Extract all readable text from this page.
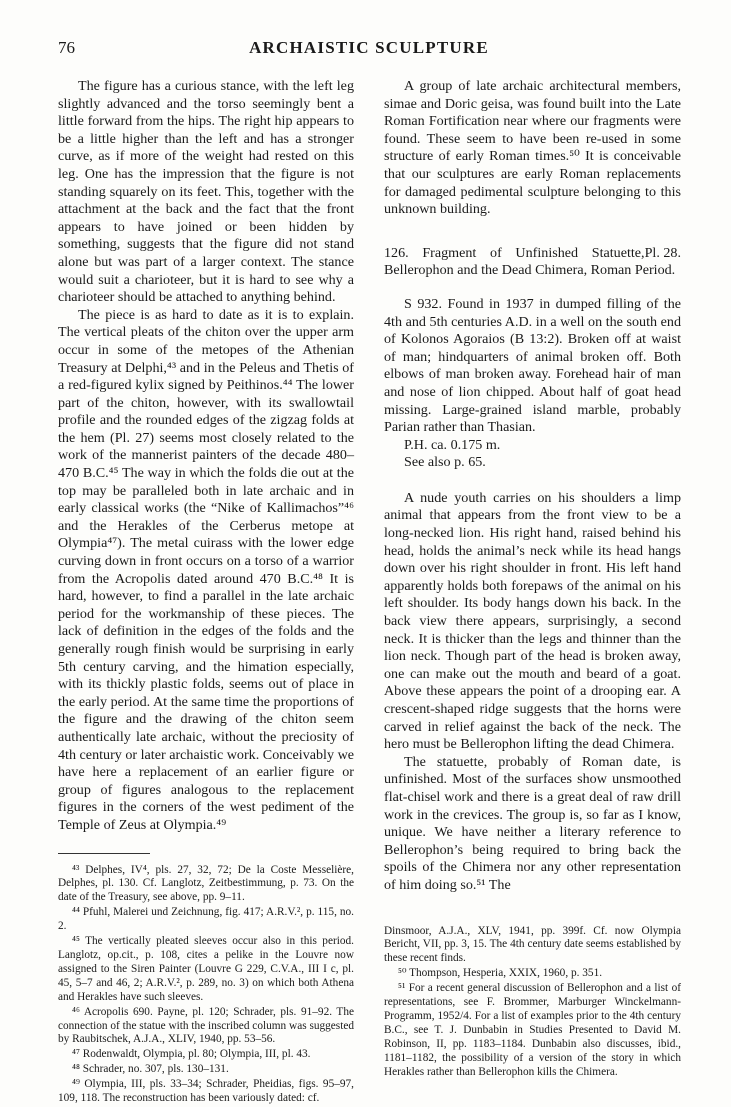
76	ARCHAISTIC SCULPTURE

The figure has a curious stance, with the left leg slightly advanced and the torso seemingly bent a little forward from the hips. The right hip appears to be a little higher than the left and has a stronger curve, as if more of the weight had rested on this leg. One has the impression that the figure is not standing squarely on its feet. This, together with the attachment at the back and the fact that the front appears to have joined or been hidden by something, suggests that the figure did not stand alone but was part of a larger context. The stance would suit a charioteer, but it is hard to see why a charioteer should be attached to anything behind.

The piece is as hard to date as it is to explain. The vertical pleats of the chiton over the upper arm occur in some of the metopes of the Athenian Treasury at Delphi,⁴³ and in the Peleus and Thetis of a red-figured kylix signed by Peithinos.⁴⁴ The lower part of the chiton, however, with its swallowtail profile and the rounded edges of the zigzag folds at the hem (Pl. 27) seems most closely related to the work of the mannerist painters of the decade 480–470 B.C.⁴⁵ The way in which the folds die out at the top may be paralleled both in late archaic and in early classical works (the “Nike of Kallimachos”⁴⁶ and the Herakles of the Cerberus metope at Olympia⁴⁷). The metal cuirass with the lower edge curving down in front occurs on a torso of a warrior from the Acropolis dated around 470 B.C.⁴⁸ It is hard, however, to find a parallel in the late archaic period for the workmanship of these pieces. The lack of definition in the edges of the folds and the generally rough finish would be surprising in early 5th century carving, and the himation especially, with its thickly plastic folds, seems out of place in the early period. At the same time the proportions of the figure and the drawing of the chiton seem authentically late archaic, without the preciosity of 4th century or later archaistic work. Conceivably we have here a replacement of an earlier figure or group of figures analogous to the replacement figures in the corners of the west pediment of the Temple of Zeus at Olympia.⁴⁹

⁴³ Delphes, IV⁴, pls. 27, 32, 72; De la Coste Messelière, Delphes, pl. 130. Cf. Langlotz, Zeitbestimmung, p. 73. On the date of the Treasury, see above, pp. 9–11.
⁴⁴ Pfuhl, Malerei und Zeichnung, fig. 417; A.R.V.², p. 115, no. 2.
⁴⁵ The vertically pleated sleeves occur also in this period. Langlotz, op.cit., p. 108, cites a pelike in the Louvre now assigned to the Siren Painter (Louvre G 229, C.V.A., III I c, pl. 45, 5–7 and 46, 2; A.R.V.², p. 289, no. 3) on which both Athena and Herakles have such sleeves.
⁴⁶ Acropolis 690. Payne, pl. 120; Schrader, pls. 91–92. The connection of the statue with the inscribed column was suggested by Raubitschek, A.J.A., XLIV, 1940, pp. 53–56.
⁴⁷ Rodenwaldt, Olympia, pl. 80; Olympia, III, pl. 43.
⁴⁸ Schrader, no. 307, pls. 130–131.
⁴⁹ Olympia, III, pls. 33–34; Schrader, Pheidias, figs. 95–97, 109, 118. The reconstruction has been variously dated: cf.

A group of late archaic architectural members, simae and Doric geisa, was found built into the Late Roman Fortification near where our fragments were found. These seem to have been re-used in some structure of early Roman times.⁵⁰ It is conceivable that our sculptures are early Roman replacements for damaged pedimental sculpture belonging to this unknown building.

Pl. 28.
126. Fragment of Unfinished Statuette, Bellerophon and the Dead Chimera, Roman Period.

S 932. Found in 1937 in dumped filling of the 4th and 5th centuries A.D. in a well on the south end of Kolonos Agoraios (B 13:2). Broken off at waist of man; hindquarters of animal broken off. Both elbows of man broken away. Forehead hair of man and nose of lion chipped. About half of goat head missing. Large-grained island marble, probably Parian rather than Thasian.

P.H. ca. 0.175 m.

See also p. 65.

A nude youth carries on his shoulders a limp animal that appears from the front view to be a long-necked lion. His right hand, raised behind his head, holds the animal’s neck while its head hangs down over his right shoulder in front. His left hand apparently holds both forepaws of the animal on his left shoulder. Its body hangs down his back. In the back view there appears, surprisingly, a second neck. It is thicker than the legs and thinner than the lion neck. Though part of the head is broken away, one can make out the mouth and beard of a goat. Above these appears the point of a drooping ear. A crescent-shaped ridge suggests that the horns were carved in relief against the back of the neck. The hero must be Bellerophon lifting the dead Chimera.

The statuette, probably of Roman date, is unfinished. Most of the surfaces show unsmoothed flat-chisel work and there is a great deal of raw drill work in the crevices. The group is, so far as I know, unique. We have neither a literary reference to Bellerophon’s being required to bring back the spoils of the Chimera nor any other representation of him doing so.⁵¹ The

Dinsmoor, A.J.A., XLV, 1941, pp. 399f. Cf. now Olympia Bericht, VII, pp. 3, 15. The 4th century date seems established by these recent finds.
⁵⁰ Thompson, Hesperia, XXIX, 1960, p. 351.
⁵¹ For a recent general discussion of Bellerophon and a list of representations, see F. Brommer, Marburger Winckelmann-Programm, 1952/4. For a list of examples prior to the 4th century B.C., see T. J. Dunbabin in Studies Presented to David M. Robinson, II, pp. 1183–1184. Dunbabin also discusses, ibid., 1181–1182, the possibility of a version of the story in which Herakles rather than Bellerophon kills the Chimera.
